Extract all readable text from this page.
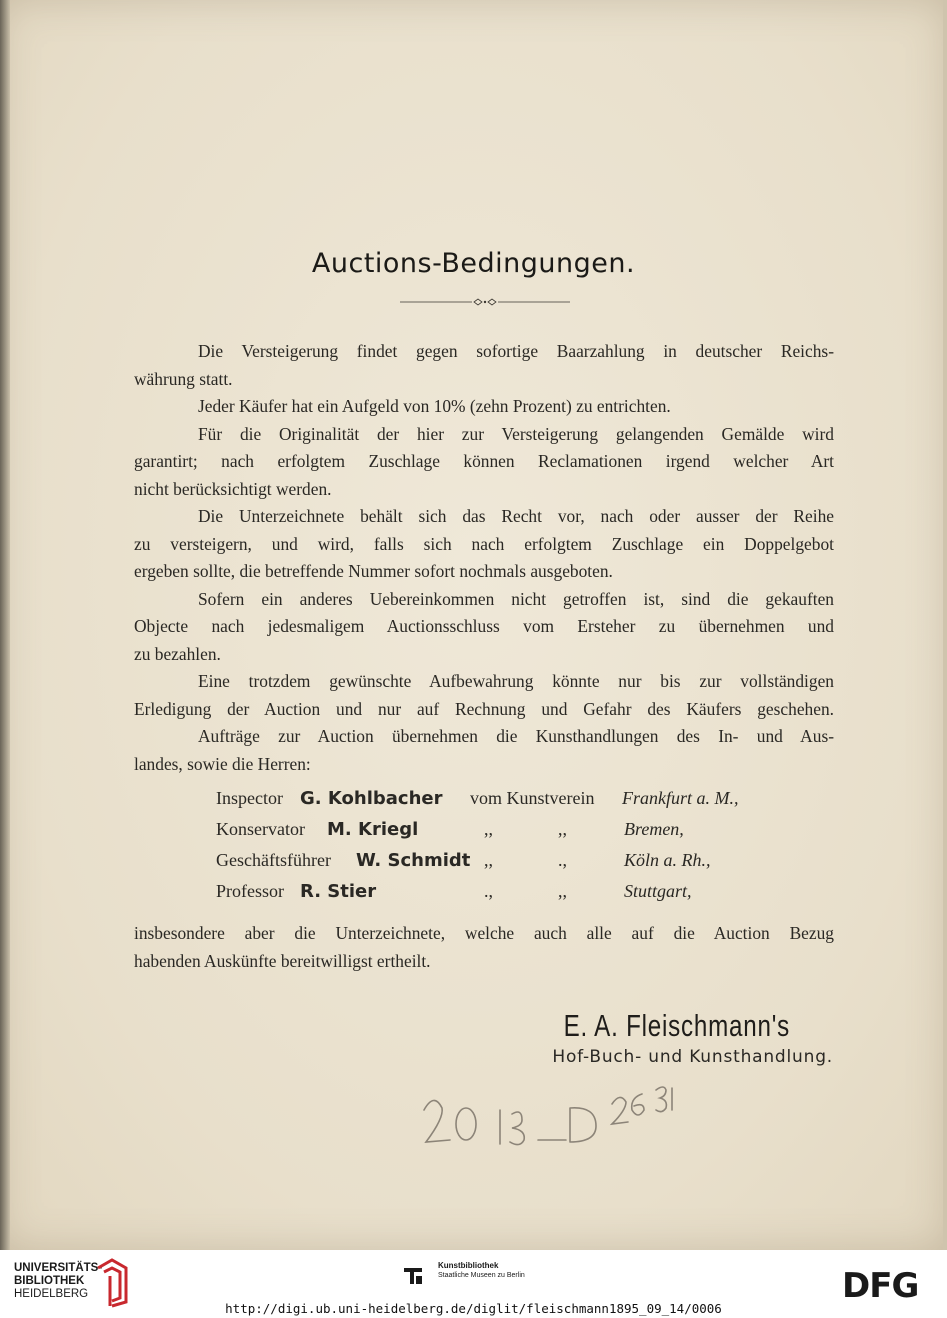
Auctions-Bedingungen.

Die Versteigerung findet gegen sofortige Baarzahlung in deutscher Reichs-

währung statt.

Jeder Käufer hat ein Aufgeld von 10% (zehn Prozent) zu entrichten.

Für die Originalität der hier zur Versteigerung gelangenden Gemälde wird

garantirt; nach erfolgtem Zuschlage können Reclamationen irgend welcher Art

nicht berücksichtigt werden.

Die Unterzeichnete behält sich das Recht vor, nach oder ausser der Reihe

zu versteigern, und wird, falls sich nach erfolgtem Zuschlage ein Doppelgebot

ergeben sollte, die betreffende Nummer sofort nochmals ausgeboten.

Sofern ein anderes Uebereinkommen nicht getroffen ist, sind die gekauften

Objecte nach jedesmaligem Auctionsschluss vom Ersteher zu übernehmen und

zu bezahlen.

Eine trotzdem gewünschte Aufbewahrung könnte nur bis zur vollständigen

Erledigung der Auction und nur auf Rechnung und Gefahr des Käufers geschehen.

Aufträge zur Auction übernehmen die Kunsthandlungen des In- und Aus-

landes, sowie die Herren:

Inspector G. Kohlbacher vom Kunstverein Frankfurt a. M.,
Konservator M. Kriegl	,,	,,	Bremen,
Geschäftsführer W. Schmidt ,,	.,	Köln a. Rh.,
Professor R. Stier	.,	,,	Stuttgart,

insbesondere aber die Unterzeichnete, welche auch alle auf die Auction Bezug

habenden Auskünfte bereitwilligst ertheilt.

E. A. Fleischmann's
Hof-Buch- und Kunsthandlung.
UNIVERSITÄTS-
BIBLIOTHEK
HEIDELBERG
Kunstbibliothek
Staatliche Museen zu Berlin	DFG
http://digi.ub.uni-heidelberg.de/diglit/fleischmann1895_09_14/0006
